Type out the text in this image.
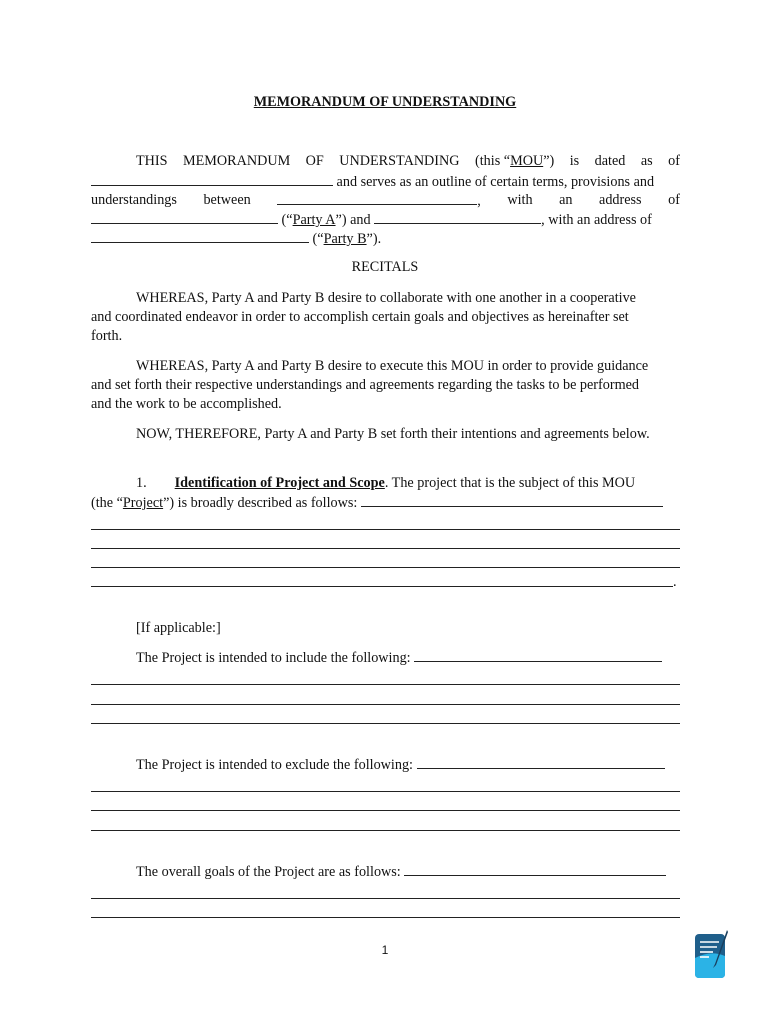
MEMORANDUM OF UNDERSTANDING
THIS MEMORANDUM OF UNDERSTANDING (this “MOU”) is dated as of
and serves as an outline of certain terms, provisions and
understandings between	, with an address of
(“Party A”) and	, with an address of
(“Party B”).
RECITALS
WHEREAS, Party A and Party B desire to collaborate with one another in a cooperative
and coordinated endeavor in order to accomplish certain goals and objectives as hereinafter set
forth.
WHEREAS, Party A and Party B desire to execute this MOU in order to provide guidance
and set forth their respective understandings and agreements regarding the tasks to be performed
and the work to be accomplished.
NOW, THEREFORE, Party A and Party B set forth their intentions and agreements below.
1. Identification of Project and Scope. The project that is the subject of this MOU
(the “Project”) is broadly described as follows:
.
[If applicable:]
The Project is intended to include the following:
The Project is intended to exclude the following:
The overall goals of the Project are as follows:
1
